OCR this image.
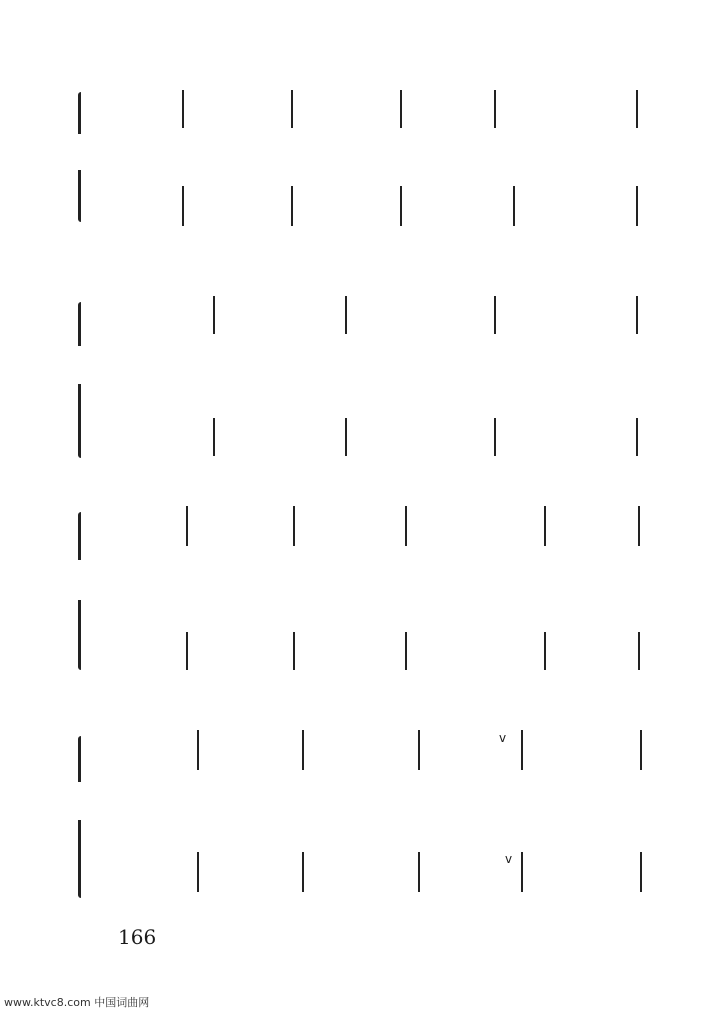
v
v
166
www.ktvc8.com 中国词曲网
